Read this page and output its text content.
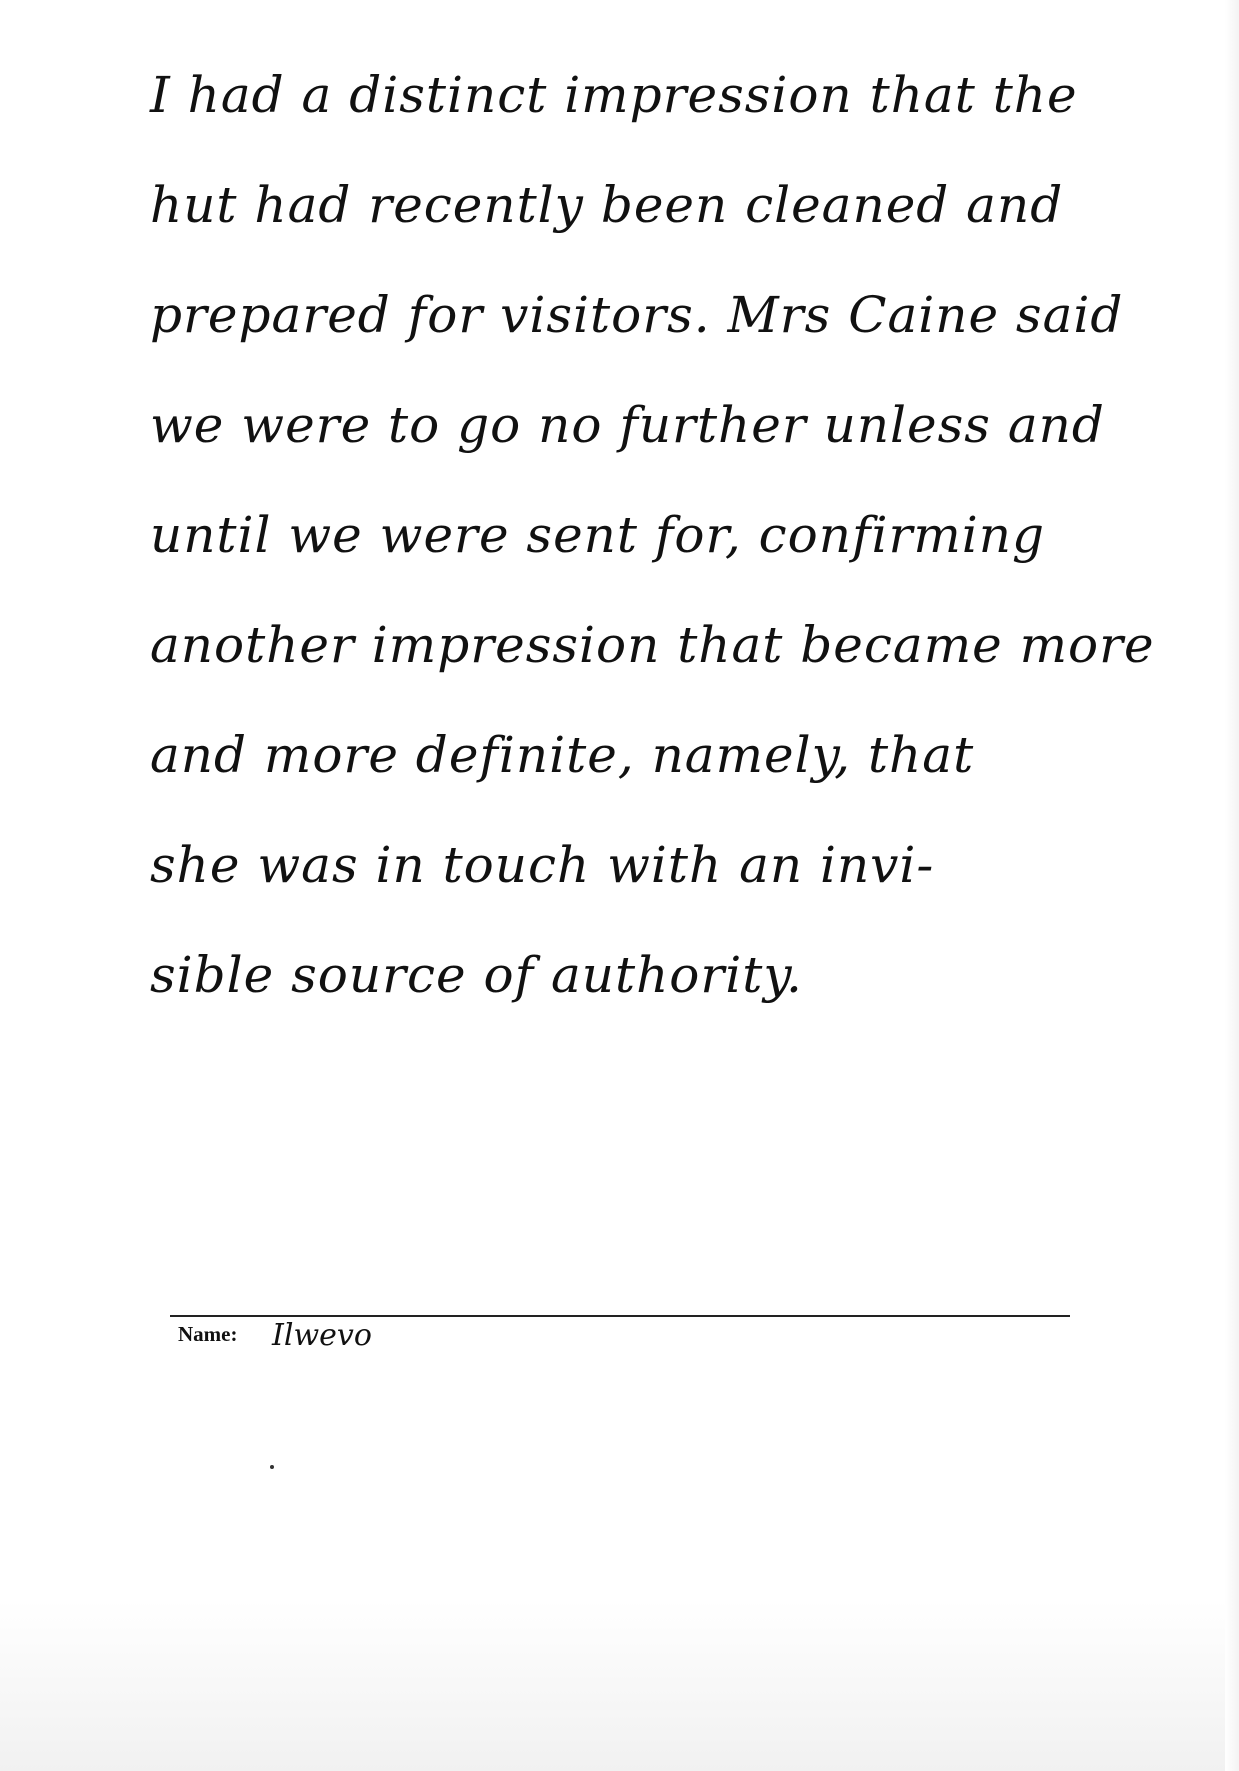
I had a distinct impression that the
hut had recently been cleaned and
prepared for visitors. Mrs Caine said
we were to go no further unless and
until we were sent for, confirming
another impression that became more
and more definite, namely, that
she was in touch with an invi-
sible source of authority.
Name: Ilwevo
